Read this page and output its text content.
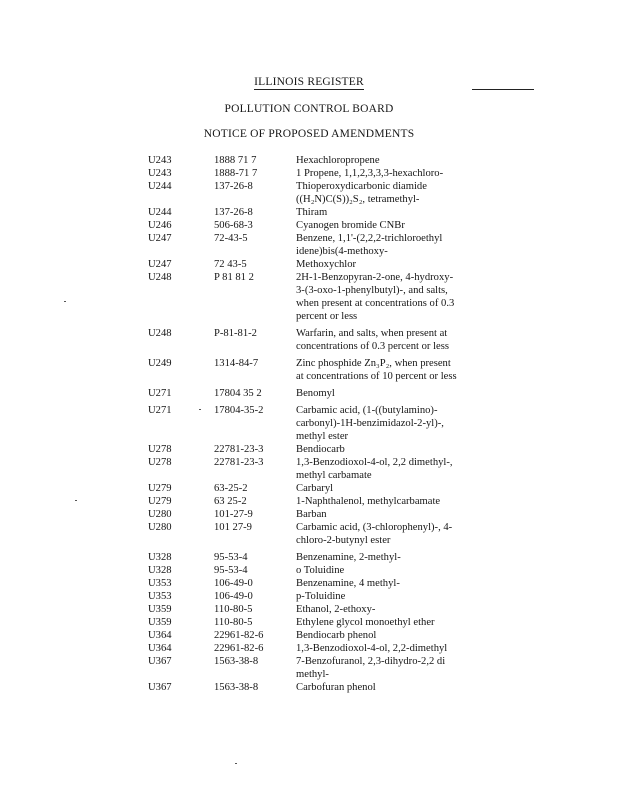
ILLINOIS REGISTER
POLLUTION CONTROL BOARD
NOTICE OF PROPOSED AMENDMENTS
U243	1888 71 7	Hexachloropropene
U243	1888-71 7	1 Propene, 1,1,2,3,3,3-hexachloro-
U244	137-26-8	Thioperoxydicarbonic diamide
((H₂N)C(S))₂S₂, tetramethyl-
U244	137-26-8	Thiram
U246	506-68-3	Cyanogen bromide CNBr
U247	72-43-5	Benzene, 1,1'-(2,2,2-trichloroethyl
idene)bis(4-methoxy-
U247	72 43-5	Methoxychlor
U248	P 81 81 2	2H-1-Benzopyran-2-one, 4-hydroxy-
3-(3-oxo-1-phenylbutyl)-, and salts,
when present at concentrations of 0.3
percent or less
U248	P-81-81-2	Warfarin, and salts, when present at
concentrations of 0.3 percent or less
U249	1314-84-7	Zinc phosphide Zn₃P₂, when present
at concentrations of 10 percent or less
U271	17804 35 2	Benomyl
U271	17804-35-2	Carbamic acid, (1-((butylamino)-
carbonyl)-1H-benzimidazol-2-yl)-,
methyl ester
U278	22781-23-3	Bendiocarb
U278	22781-23-3	1,3-Benzodioxol-4-ol, 2,2 dimethyl-,
methyl carbamate
U279	63-25-2	Carbaryl
U279	63 25-2	1-Naphthalenol, methylcarbamate
U280	101-27-9	Barban
U280	101 27-9	Carbamic acid, (3-chlorophenyl)-, 4-
chloro-2-butynyl ester
U328	95-53-4	Benzenamine, 2-methyl-
U328	95-53-4	o Toluidine
U353	106-49-0	Benzenamine, 4 methyl-
U353	106-49-0	p-Toluidine
U359	110-80-5	Ethanol, 2-ethoxy-
U359	110-80-5	Ethylene glycol monoethyl ether
U364	22961-82-6	Bendiocarb phenol
U364	22961-82-6	1,3-Benzodioxol-4-ol, 2,2-dimethyl
U367	1563-38-8	7-Benzofuranol, 2,3-dihydro-2,2 di
methyl-
U367	1563-38-8	Carbofuran phenol
